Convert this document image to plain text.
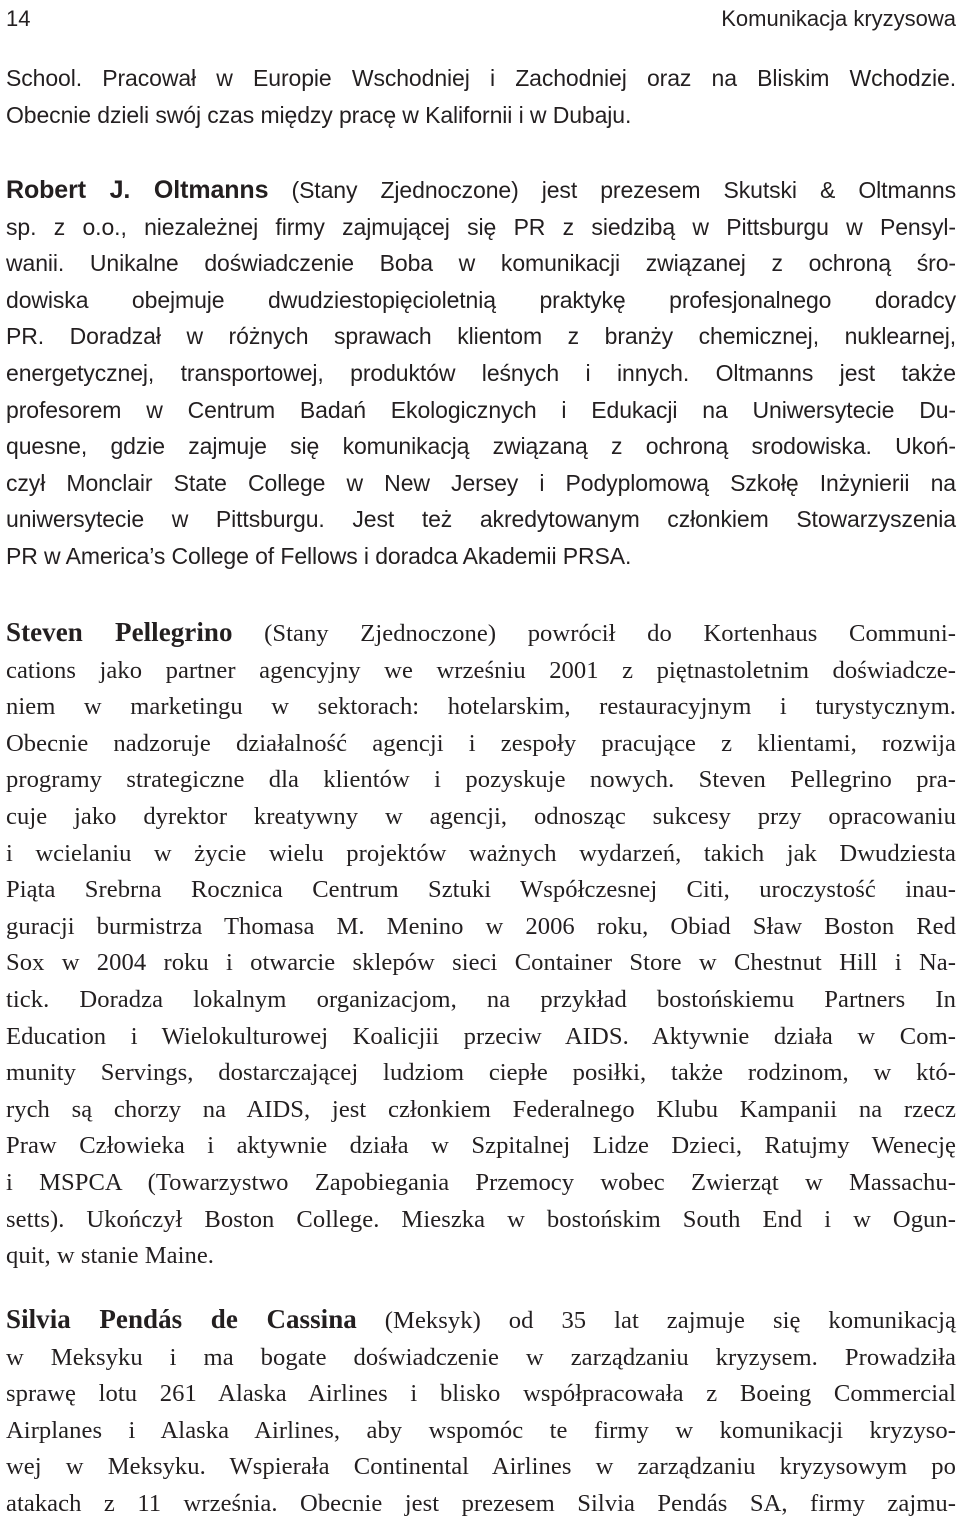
14	Komunikacja kryzysowa
School. Pracował w Europie Wschodniej i Zachodniej oraz na Bliskim Wchodzie.
Obecnie dzieli swój czas między pracę w Kalifornii i w Dubaju.
Robert J. Oltmanns (Stany Zjednoczone) jest prezesem Skutski & Oltmanns
sp. z o.o., niezależnej firmy zajmującej się PR z siedzibą w Pittsburgu w Pensyl-
wanii. Unikalne doświadczenie Boba w komunikacji związanej z ochroną śro-
dowiska obejmuje dwudziestopięcioletnią praktykę profesjonalnego doradcy
PR. Doradzał w różnych sprawach klientom z branży chemicznej, nuklearnej,
energetycznej, transportowej, produktów leśnych i innych. Oltmanns jest także
profesorem w Centrum Badań Ekologicznych i Edukacji na Uniwersytecie Du-
quesne, gdzie zajmuje się komunikacją związaną z ochroną srodowiska. Ukoń-
czył Monclair State College w New Jersey i Podyplomową Szkołę Inżynierii na
uniwersytecie w Pittsburgu. Jest też akredytowanym członkiem Stowarzyszenia
PR w America’s College of Fellows i doradca Akademii PRSA.
Steven Pellegrino (Stany Zjednoczone) powrócił do Kortenhaus Communi-
cations jako partner agencyjny we wrześniu 2001 z piętnastoletnim doświadcze-
niem w marketingu w sektorach: hotelarskim, restauracyjnym i turystycznym.
Obecnie nadzoruje działalność agencji i zespoły pracujące z klientami, rozwija
programy strategiczne dla klientów i pozyskuje nowych. Steven Pellegrino pra-
cuje jako dyrektor kreatywny w agencji, odnosząc sukcesy przy opracowaniu
i wcielaniu w życie wielu projektów ważnych wydarzeń, takich jak Dwudziesta
Piąta Srebrna Rocznica Centrum Sztuki Współczesnej Citi, uroczystość inau-
guracji burmistrza Thomasa M. Menino w 2006 roku, Obiad Sław Boston Red
Sox w 2004 roku i otwarcie sklepów sieci Container Store w Chestnut Hill i Na-
tick. Doradza lokalnym organizacjom, na przykład bostońskiemu Partners In
Education i Wielokulturowej Koalicjii przeciw AIDS. Aktywnie działa w Com-
munity Servings, dostarczającej ludziom ciepłe posiłki, także rodzinom, w któ-
rych są chorzy na AIDS, jest członkiem Federalnego Klubu Kampanii na rzecz
Praw Człowieka i aktywnie działa w Szpitalnej Lidze Dzieci, Ratujmy Wenecję
i MSPCA (Towarzystwo Zapobiegania Przemocy wobec Zwierząt w Massachu-
setts). Ukończył Boston College. Mieszka w bostońskim South End i w Ogun-
quit, w stanie Maine.
Silvia Pendás de Cassina (Meksyk) od 35 lat zajmuje się komunikacją
w Meksyku i ma bogate doświadczenie w zarządzaniu kryzysem. Prowadziła
sprawę lotu 261 Alaska Airlines i blisko współpracowała z Boeing Commercial
Airplanes i Alaska Airlines, aby wspomóc te firmy w komunikacji kryzyso-
wej w Meksyku. Wspierała Continental Airlines w zarządzaniu kryzysowym po
atakach z 11 września. Obecnie jest prezesem Silvia Pendás SA, firmy zajmu-
